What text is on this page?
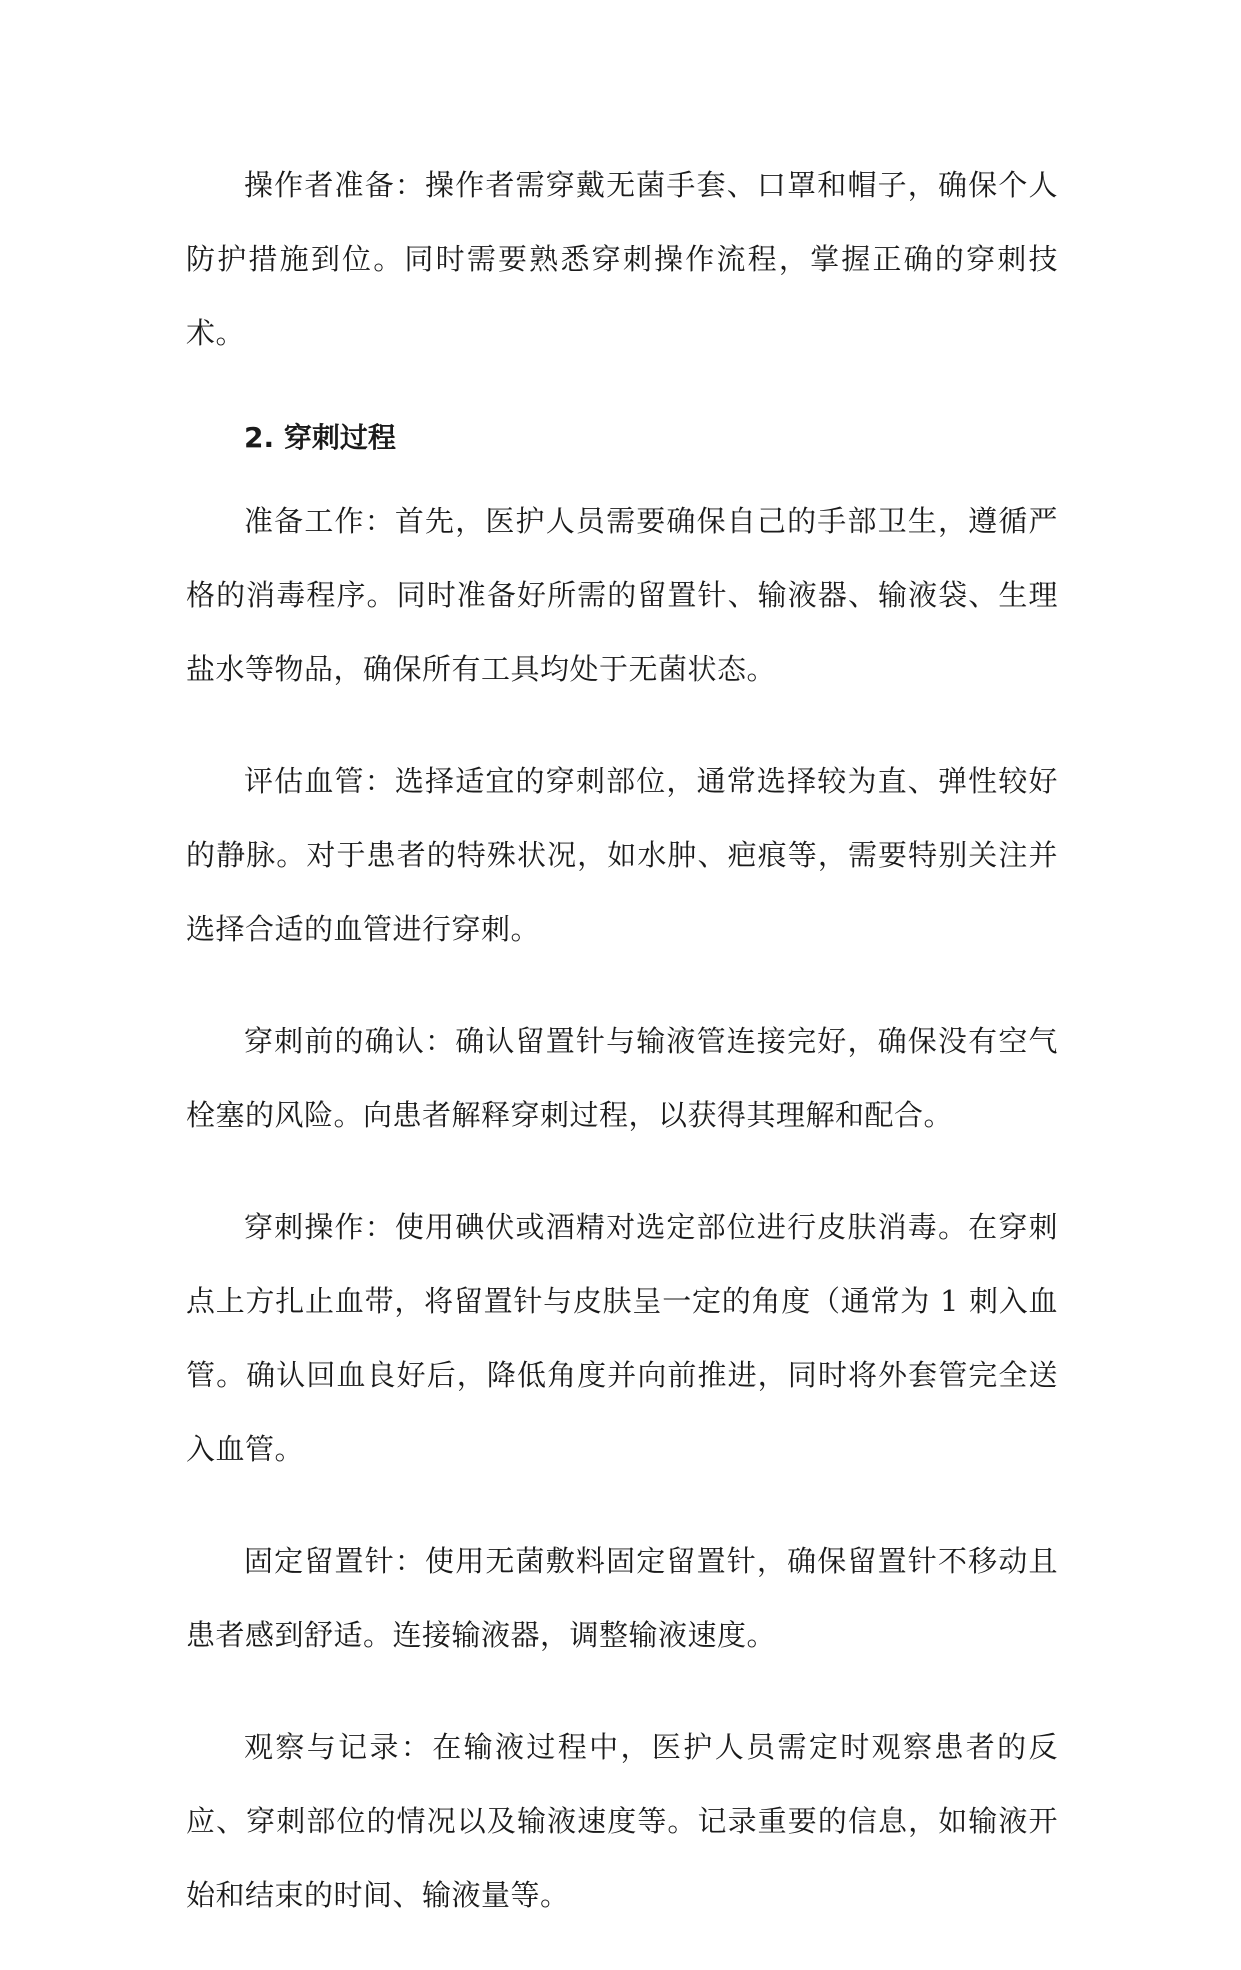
操作者准备：操作者需穿戴无菌手套、口罩和帽子，确保个人防护措施到位。同时需要熟悉穿刺操作流程，掌握正确的穿刺技术。

2. 穿刺过程

准备工作：首先，医护人员需要确保自己的手部卫生，遵循严格的消毒程序。同时准备好所需的留置针、输液器、输液袋、生理盐水等物品，确保所有工具均处于无菌状态。

评估血管：选择适宜的穿刺部位，通常选择较为直、弹性较好的静脉。对于患者的特殊状况，如水肿、疤痕等，需要特别关注并选择合适的血管进行穿刺。

穿刺前的确认：确认留置针与输液管连接完好，确保没有空气栓塞的风险。向患者解释穿刺过程，以获得其理解和配合。

穿刺操作：使用碘伏或酒精对选定部位进行皮肤消毒。在穿刺点上方扎止血带，将留置针与皮肤呈一定的角度（通常为 1 刺入血管。确认回血良好后，降低角度并向前推进，同时将外套管完全送入血管。

固定留置针：使用无菌敷料固定留置针，确保留置针不移动且患者感到舒适。连接输液器，调整输液速度。

观察与记录：在输液过程中，医护人员需定时观察患者的反应、穿刺部位的情况以及输液速度等。记录重要的信息，如输液开始和结束的时间、输液量等。
